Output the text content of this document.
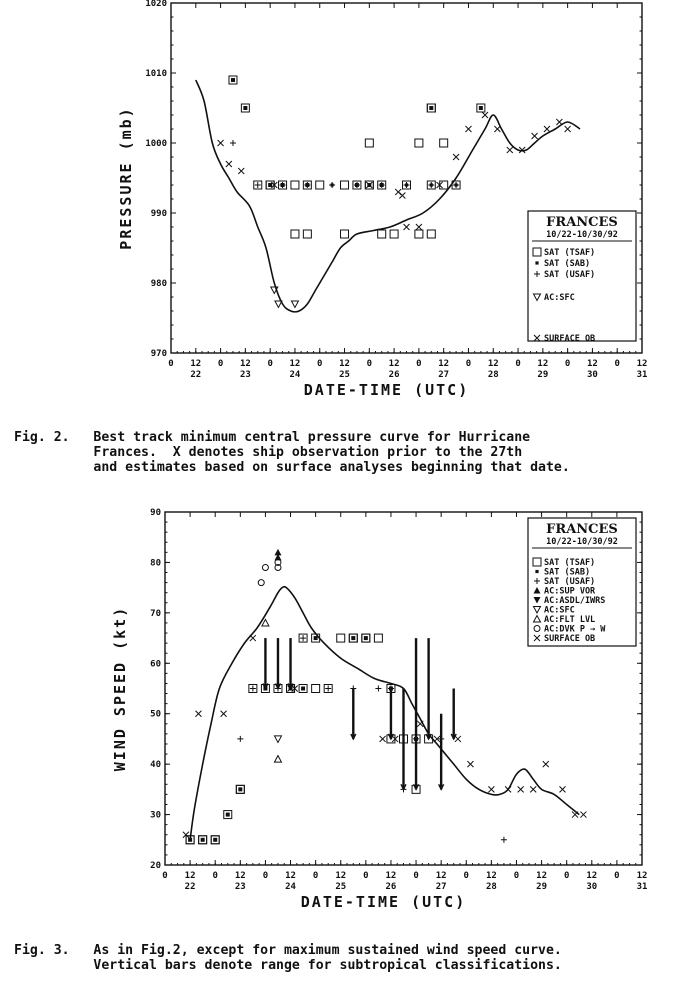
970
980
990
1000
1010
1020
0 12 0 12 0 12 0 12 0 12 0 12 0 12 0 12 0 12 0 12
22	23	24	25	26	27	28	29	30	31
DATE-TIME (UTC)
PRESSURE (mb)	FRANCES
10/22-10/30/92
SAT (TSAF)
SAT (SAB)
SAT (USAF)
AC:SFC
SURFACE OB
20
30
40
50
60
70
80
90
0 12 0 12 0 12 0 12 0 12 0 12 0 12 0 12 0 12 0 12
22	23	24	25	26	27	28	29	30	31
DATE-TIME (UTC)
WIND SPEED (kt)
FRANCES
10/22-10/30/92
SAT (TSAF)
SAT (SAB)
SAT (USAF)
AC:SUP VOR
AC:ASDL/IWRS
AC:SFC
AC:FLT LVL
AC:DVK P → W
SURFACE OB
Fig. 2. Best track minimum central pressure curve for Hurricane
Frances.  X denotes ship observation prior to the 27th
and estimates based on surface analyses beginning that date.
Fig. 3. As in Fig.2, except for maximum sustained wind speed curve.
Vertical bars denote range for subtropical classifications.
